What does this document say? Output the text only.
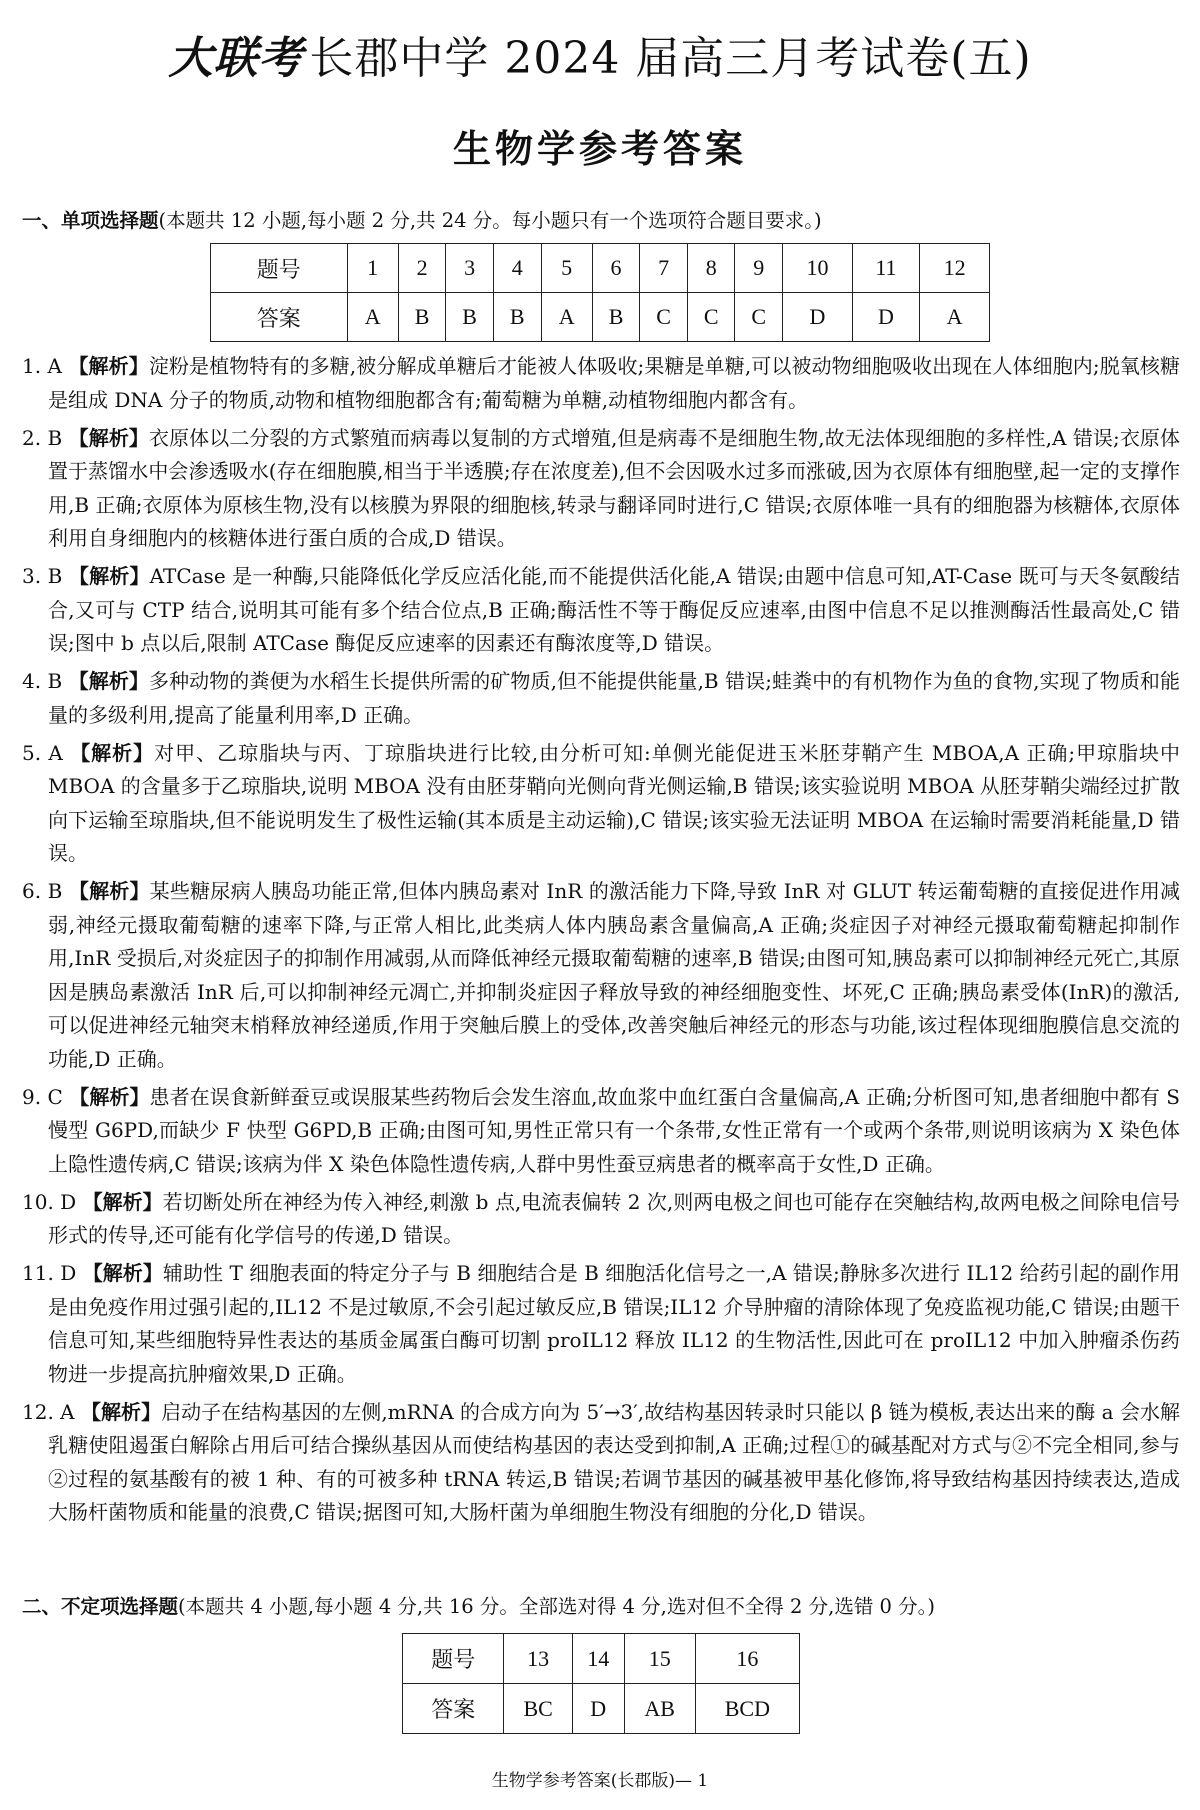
大联考 长郡中学 2024 届高三月考试卷(五)
生物学参考答案
一、单项选择题(本题共 12 小题,每小题 2 分,共 24 分。每小题只有一个选项符合题目要求。)
题号	1	2	3	4	5	6	7	8	9	10	11	12
答案	A	B	B	B	A	B	C	C	C	D	D	A
1. A 【解析】淀粉是植物特有的多糖,被分解成单糖后才能被人体吸收;果糖是单糖,可以被动物细胞吸收出现在人体细胞内;脱氧核糖是组成 DNA 分子的物质,动物和植物细胞都含有;葡萄糖为单糖,动植物细胞内都含有。
2. B 【解析】衣原体以二分裂的方式繁殖而病毒以复制的方式增殖,但是病毒不是细胞生物,故无法体现细胞的多样性,A 错误;衣原体置于蒸馏水中会渗透吸水(存在细胞膜,相当于半透膜;存在浓度差),但不会因吸水过多而涨破,因为衣原体有细胞壁,起一定的支撑作用,B 正确;衣原体为原核生物,没有以核膜为界限的细胞核,转录与翻译同时进行,C 错误;衣原体唯一具有的细胞器为核糖体,衣原体利用自身细胞内的核糖体进行蛋白质的合成,D 错误。
3. B 【解析】ATCase 是一种酶,只能降低化学反应活化能,而不能提供活化能,A 错误;由题中信息可知,AT-Case 既可与天冬氨酸结合,又可与 CTP 结合,说明其可能有多个结合位点,B 正确;酶活性不等于酶促反应速率,由图中信息不足以推测酶活性最高处,C 错误;图中 b 点以后,限制 ATCase 酶促反应速率的因素还有酶浓度等,D 错误。
4. B 【解析】多种动物的粪便为水稻生长提供所需的矿物质,但不能提供能量,B 错误;蛙粪中的有机物作为鱼的食物,实现了物质和能量的多级利用,提高了能量利用率,D 正确。
5. A 【解析】对甲、乙琼脂块与丙、丁琼脂块进行比较,由分析可知:单侧光能促进玉米胚芽鞘产生 MBOA,A 正确;甲琼脂块中 MBOA 的含量多于乙琼脂块,说明 MBOA 没有由胚芽鞘向光侧向背光侧运输,B 错误;该实验说明 MBOA 从胚芽鞘尖端经过扩散向下运输至琼脂块,但不能说明发生了极性运输(其本质是主动运输),C 错误;该实验无法证明 MBOA 在运输时需要消耗能量,D 错误。
6. B 【解析】某些糖尿病人胰岛功能正常,但体内胰岛素对 InR 的激活能力下降,导致 InR 对 GLUT 转运葡萄糖的直接促进作用减弱,神经元摄取葡萄糖的速率下降,与正常人相比,此类病人体内胰岛素含量偏高,A 正确;炎症因子对神经元摄取葡萄糖起抑制作用,InR 受损后,对炎症因子的抑制作用减弱,从而降低神经元摄取葡萄糖的速率,B 错误;由图可知,胰岛素可以抑制神经元死亡,其原因是胰岛素激活 InR 后,可以抑制神经元凋亡,并抑制炎症因子释放导致的神经细胞变性、坏死,C 正确;胰岛素受体(InR)的激活,可以促进神经元轴突末梢释放神经递质,作用于突触后膜上的受体,改善突触后神经元的形态与功能,该过程体现细胞膜信息交流的功能,D 正确。
9. C 【解析】患者在误食新鲜蚕豆或误服某些药物后会发生溶血,故血浆中血红蛋白含量偏高,A 正确;分析图可知,患者细胞中都有 S 慢型 G6PD,而缺少 F 快型 G6PD,B 正确;由图可知,男性正常只有一个条带,女性正常有一个或两个条带,则说明该病为 X 染色体上隐性遗传病,C 错误;该病为伴 X 染色体隐性遗传病,人群中男性蚕豆病患者的概率高于女性,D 正确。
10. D 【解析】若切断处所在神经为传入神经,刺激 b 点,电流表偏转 2 次,则两电极之间也可能存在突触结构,故两电极之间除电信号形式的传导,还可能有化学信号的传递,D 错误。
11. D 【解析】辅助性 T 细胞表面的特定分子与 B 细胞结合是 B 细胞活化信号之一,A 错误;静脉多次进行 IL12 给药引起的副作用是由免疫作用过强引起的,IL12 不是过敏原,不会引起过敏反应,B 错误;IL12 介导肿瘤的清除体现了免疫监视功能,C 错误;由题干信息可知,某些细胞特异性表达的基质金属蛋白酶可切割 proIL12 释放 IL12 的生物活性,因此可在 proIL12 中加入肿瘤杀伤药物进一步提高抗肿瘤效果,D 正确。
12. A 【解析】启动子在结构基因的左侧,mRNA 的合成方向为 5′→3′,故结构基因转录时只能以 β 链为模板,表达出来的酶 a 会水解乳糖使阻遏蛋白解除占用后可结合操纵基因从而使结构基因的表达受到抑制,A 正确;过程①的碱基配对方式与②不完全相同,参与②过程的氨基酸有的被 1 种、有的可被多种 tRNA 转运,B 错误;若调节基因的碱基被甲基化修饰,将导致结构基因持续表达,造成大肠杆菌物质和能量的浪费,C 错误;据图可知,大肠杆菌为单细胞生物没有细胞的分化,D 错误。
二、不定项选择题(本题共 4 小题,每小题 4 分,共 16 分。全部选对得 4 分,选对但不全得 2 分,选错 0 分。)
题号	13	14	15	16
答案	BC	D	AB	BCD
生物学参考答案(长郡版)— 1
